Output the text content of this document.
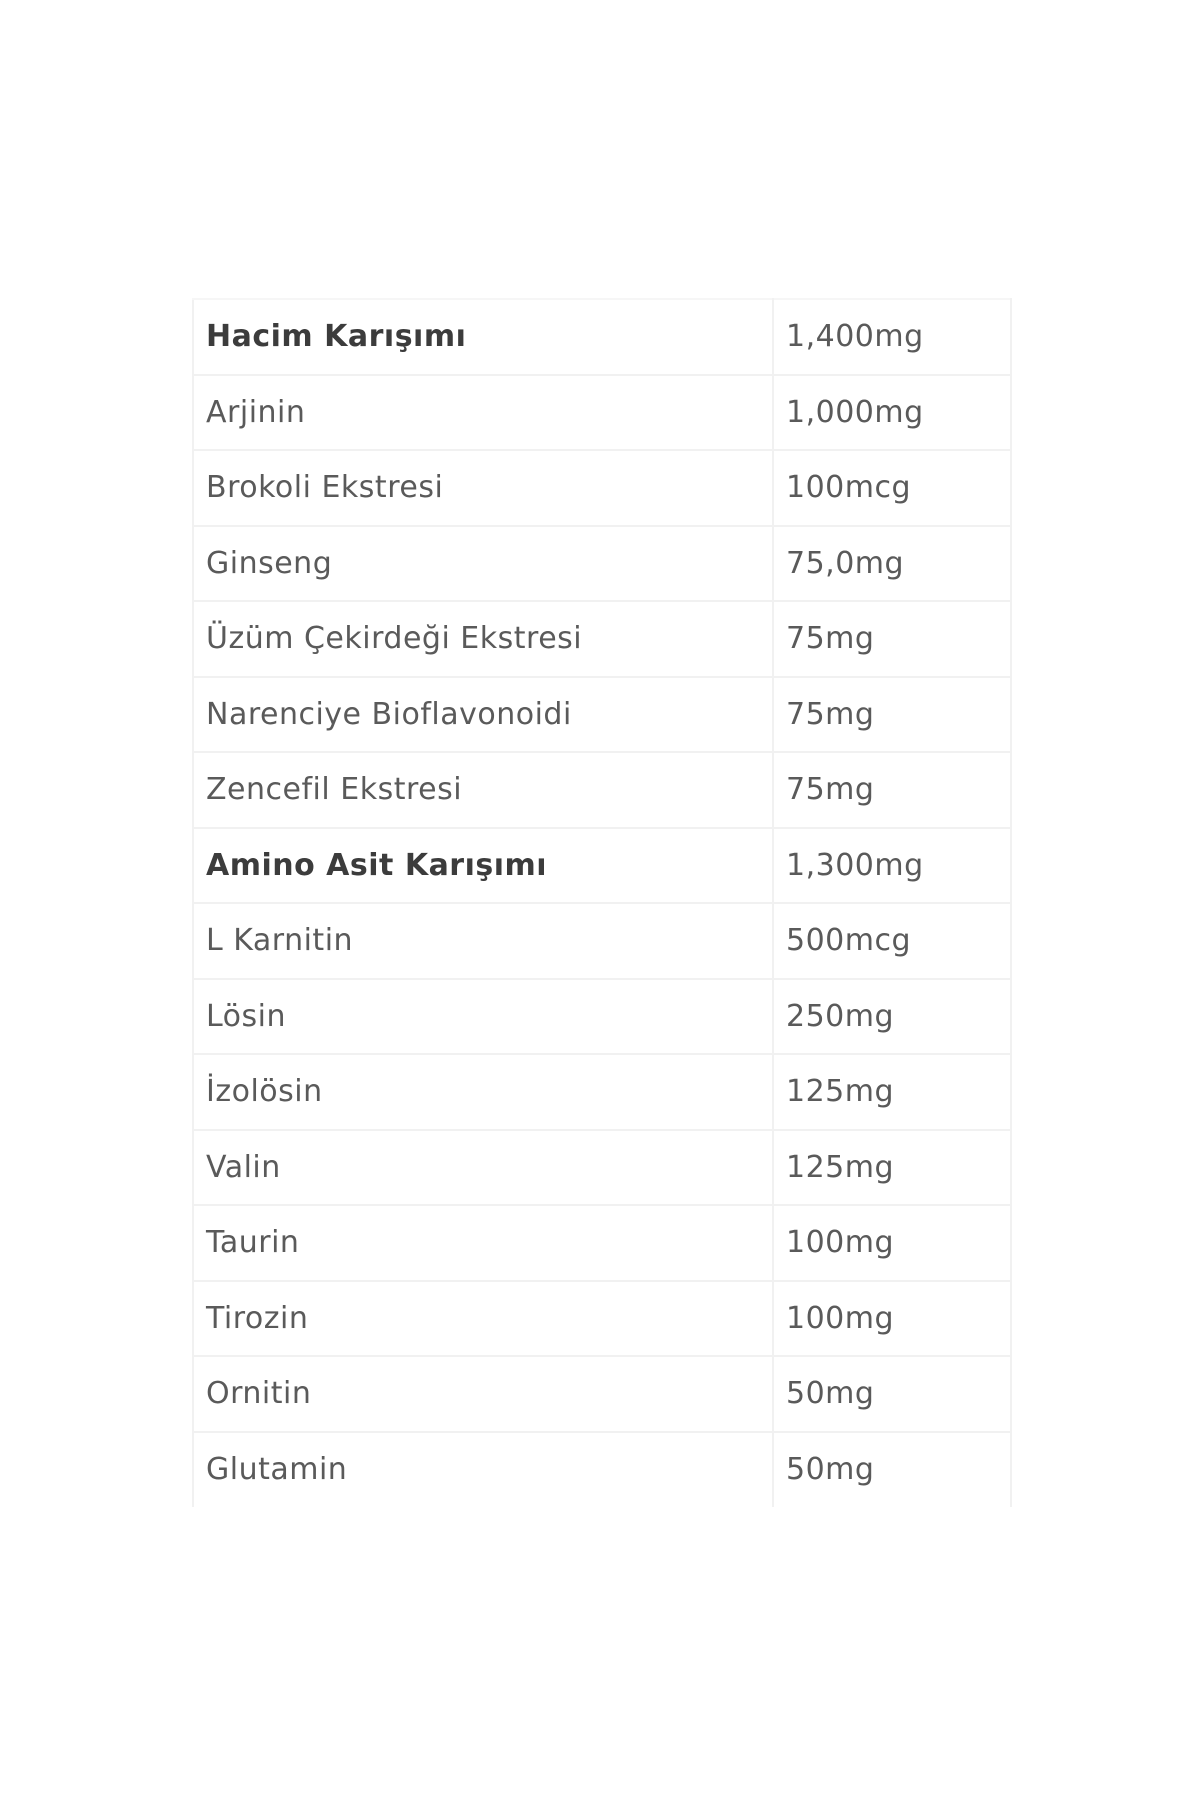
Hacim Karışımı	1,400mg
Arjinin	1,000mg
Brokoli Ekstresi	100mcg
Ginseng	75,0mg
Üzüm Çekirdeği Ekstresi	75mg
Narenciye Bioflavonoidi	75mg
Zencefil Ekstresi	75mg
Amino Asit Karışımı	1,300mg
L Karnitin	500mcg
Lösin	250mg
İzolösin	125mg
Valin	125mg
Taurin	100mg
Tirozin	100mg
Ornitin	50mg
Glutamin	50mg
